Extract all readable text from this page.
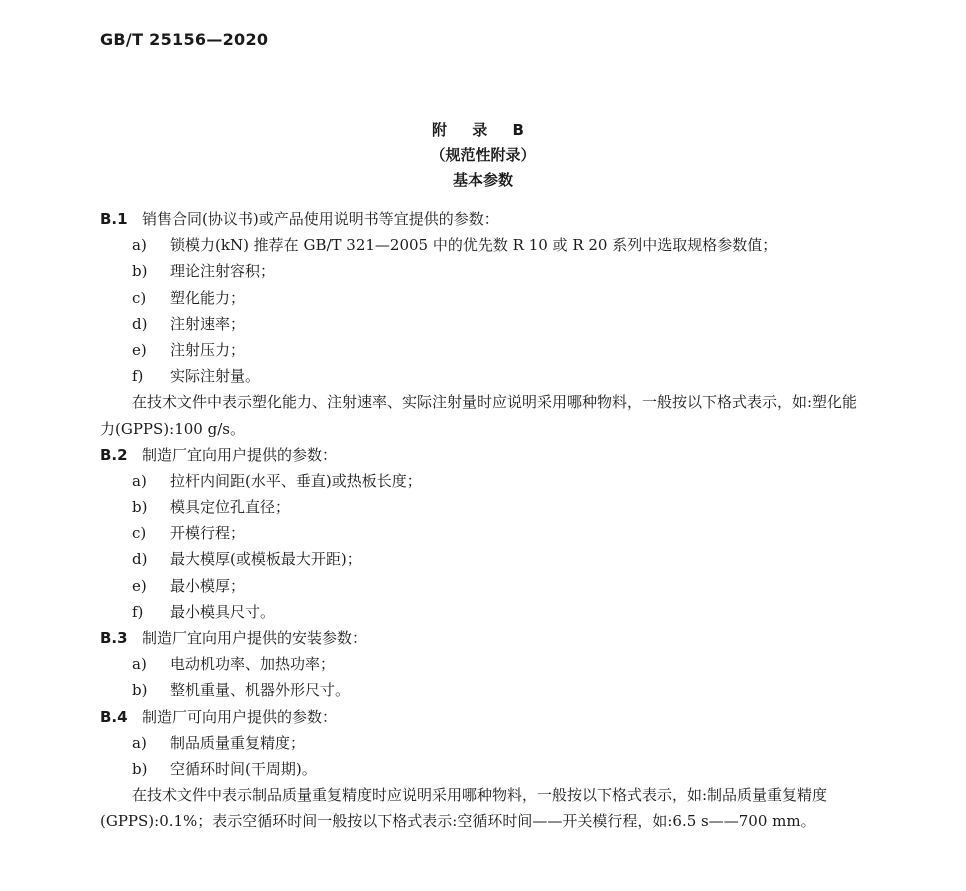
GB/T 25156—2020
附 录 B
（规范性附录）
基本参数
B.1 销售合同(协议书)或产品使用说明书等宜提供的参数：
a) 锁模力(kN) 推荐在 GB/T 321—2005 中的优先数 R 10 或 R 20 系列中选取规格参数值；
b) 理论注射容积；
c) 塑化能力；
d) 注射速率；
e) 注射压力；
f) 实际注射量。
在技术文件中表示塑化能力、注射速率、实际注射量时应说明采用哪种物料，一般按以下格式表示，如:塑化能力(GPPS):100 g/s。
B.2 制造厂宜向用户提供的参数：
a) 拉杆内间距(水平、垂直)或热板长度；
b) 模具定位孔直径；
c) 开模行程；
d) 最大模厚(或模板最大开距)；
e) 最小模厚；
f) 最小模具尺寸。
B.3 制造厂宜向用户提供的安装参数：
a) 电动机功率、加热功率；
b) 整机重量、机器外形尺寸。
B.4 制造厂可向用户提供的参数：
a) 制品质量重复精度；
b) 空循环时间(干周期)。
在技术文件中表示制品质量重复精度时应说明采用哪种物料，一般按以下格式表示，如:制品质量重复精度(GPPS):0.1%；表示空循环时间一般按以下格式表示:空循环时间——开关模行程，如:6.5 s——700 mm。
